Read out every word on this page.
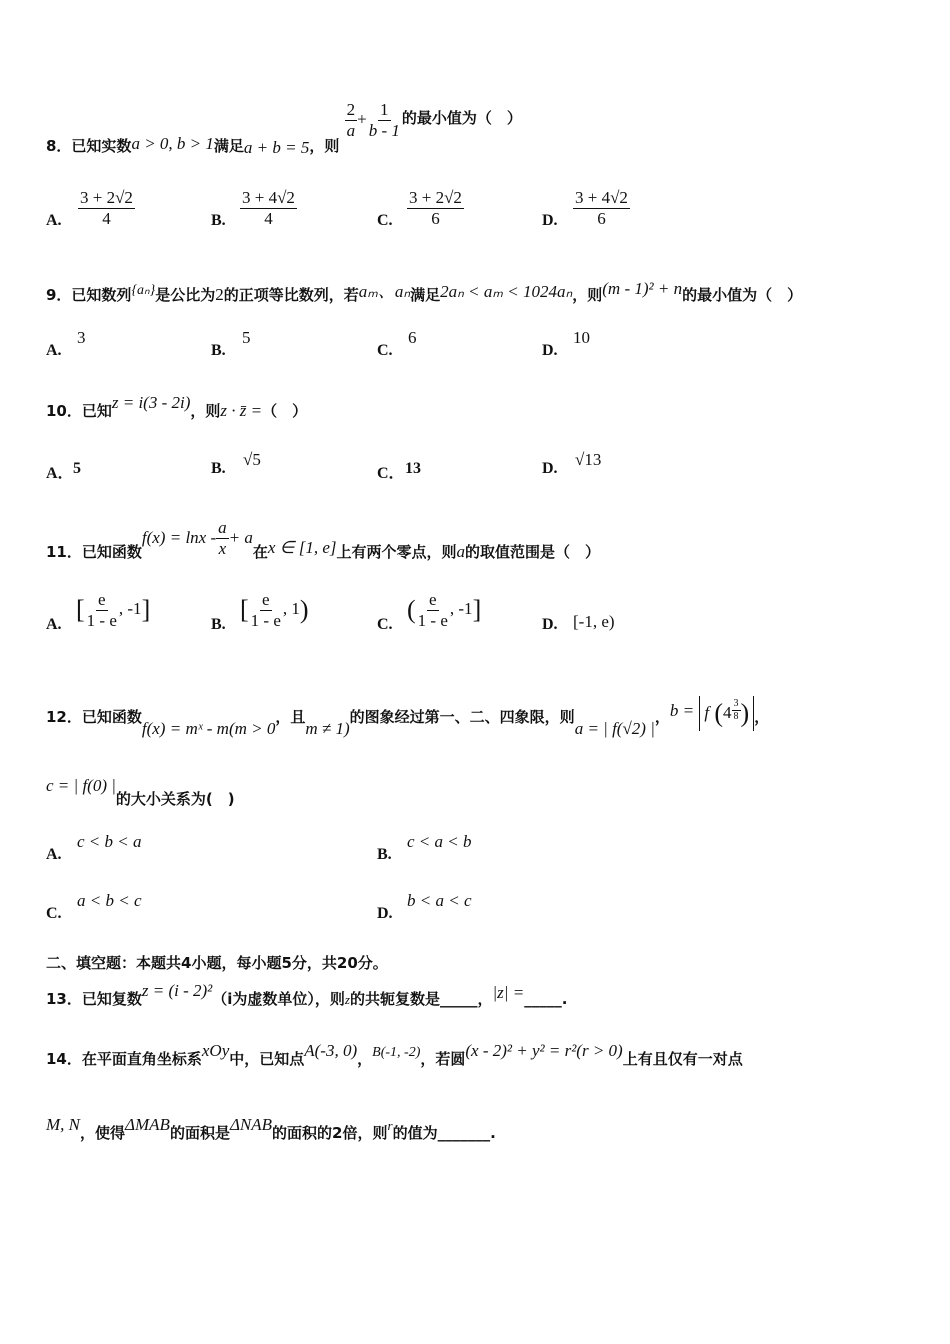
8．已知实数a > 0, b > 1满足a + b = 5，则
$\frac{2}{a} + \frac{1}{b - 1}$ 的最小值为（　）
A. $\frac{3 + 2√2}{4}$	B. $\frac{3 + 4√2}{4}$	C. $\frac{3 + 2√2}{6}$	D. $\frac{3 + 4√2}{6}$
9．已知数列{aₙ}是公比为2的正项等比数列，若aₘ、aₙ满足2aₙ < aₘ < 1024aₙ，则(m - 1)² + n的最小值为（　）
A.
3
B.
5
C.
6
D.
10
10．已知z = i(3 - 2i)，则z · z̄ =（　）
A． 5	B. √5
C． 13	D. √13
11．已知函数$f(x) = \ln x - \frac{a}{x} + a$在x ∈ [1, e]上有两个零点，则a的取值范围是（　）
A.
[ $\frac{e}{1 - e}$ , -1]
B.
[ $\frac{e}{1 - e}$ , 1)
C.
( $\frac{e}{1 - e}$ , -1]
D. [-1, e)
12．已知函数f(x) = mˣ - m(m > 0，且m ≠ 1)的图象经过第一、二、四象限，则a = | f(√2) |，b = f ($4 \frac{3}{8}$ ) ，
c = | f(0) |的大小关系为(　)
A.
c < b < a
B.
c < a < b
C.
a < b < c
D.
b < a < c
二、填空题：本题共4小题，每小题5分，共20分。
13．已知复数z = (i - 2)²（i为虚数单位），则z的共轭复数是_____，|z| =_____.
14．在平面直角坐标系xOy中，已知点A(-3, 0)，B(-1, -2)，若圆(x - 2)² + y² = r²(r > 0)上有且仅有一对点
M, N，使得ΔMAB的面积是ΔNAB的面积的2倍，则r的值为_______.
